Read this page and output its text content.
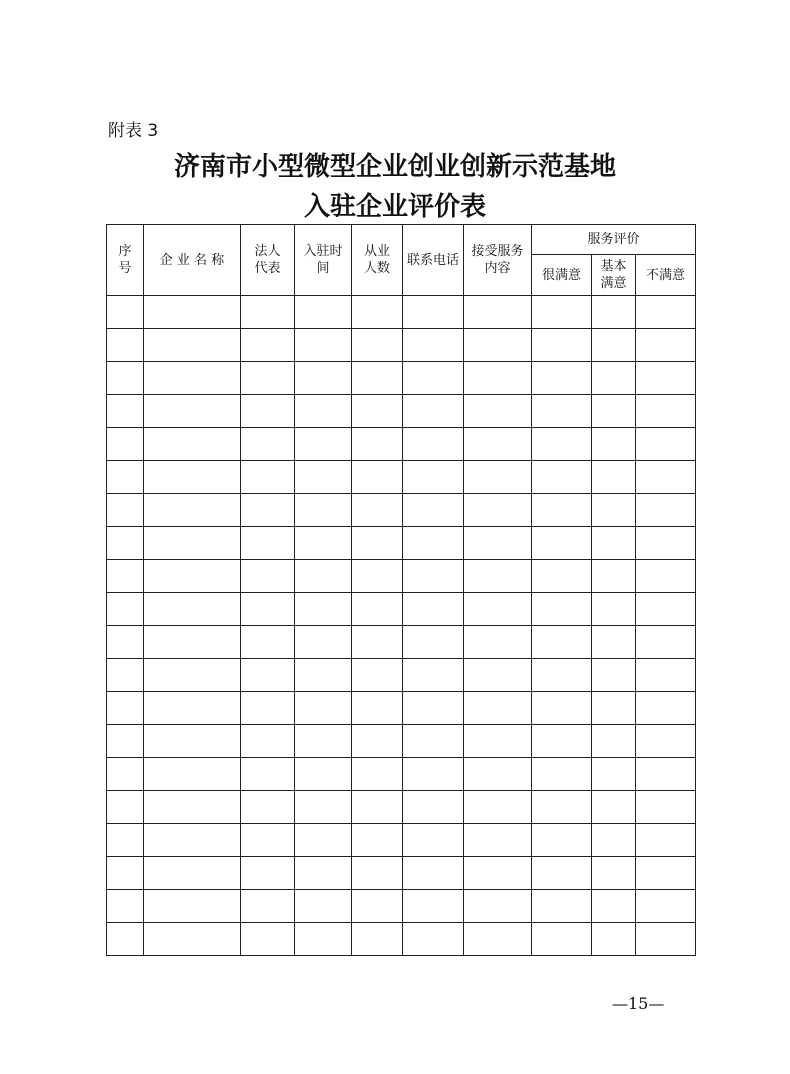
附表 3
济南市小型微型企业创业创新示范基地
入驻企业评价表
序号	企 业 名 称	法人代表	入驻时间	从业人数	联系电话	接受服务内容	服务评价		
							很满意	基本满意	不满意

—15—
